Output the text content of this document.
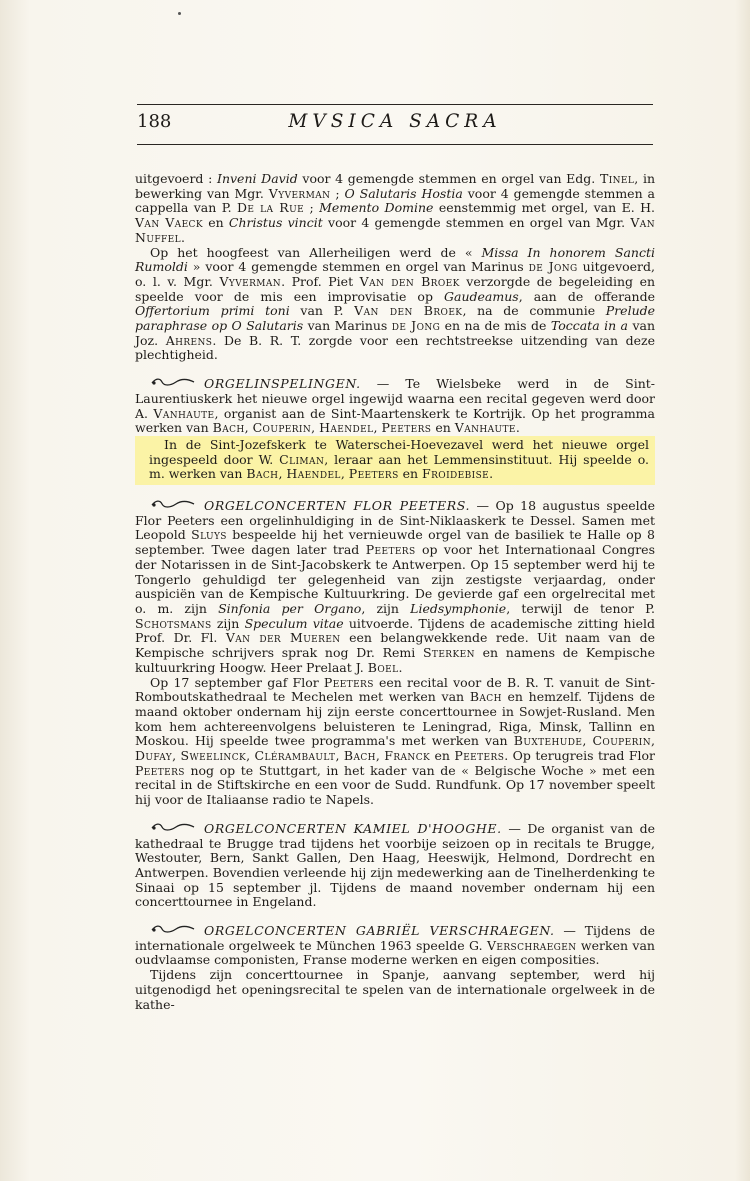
188	MVSICA SACRA

uitgevoerd : Inveni David voor 4 gemengde stemmen en orgel van Edg. Tinel, in bewerking van Mgr. Vyverman ; O Salutaris Hostia voor 4 gemengde stemmen a cappella van P. De la Rue ; Memento Domine eenstemmig met orgel, van E. H. Van Vaeck en Christus vincit voor 4 gemengde stemmen en orgel van Mgr. Van Nuffel.

Op het hoogfeest van Allerheiligen werd de « Missa In honorem Sancti Rumoldi » voor 4 gemengde stemmen en orgel van Marinus de Jong uitgevoerd, o. l. v. Mgr. Vyverman. Prof. Piet Van den Broek verzorgde de begeleiding en speelde voor de mis een improvisatie op Gaudeamus, aan de offerande Offertorium primi toni van P. Van den Broek, na de communie Prelude paraphrase op O Salutaris van Marinus de Jong en na de mis de Toccata in a van Joz. Ahrens. De B. R. T. zorgde voor een rechtstreekse uitzending van deze plechtigheid.

ORGELINSPELINGEN. — Te Wielsbeke werd in de Sint-Laurentiuskerk het nieuwe orgel ingewijd waarna een recital gegeven werd door A. Vanhaute, organist aan de Sint-Maartenskerk te Kortrijk. Op het programma werken van Bach, Couperin, Haendel, Peeters en Vanhaute.

In de Sint-Jozefskerk te Waterschei-Hoevezavel werd het nieuwe orgel ingespeeld door W. Climan, leraar aan het Lemmensinstituut. Hij speelde o. m. werken van Bach, Haendel, Peeters en Froidebise.

ORGELCONCERTEN FLOR PEETERS. — Op 18 augustus speelde Flor Peeters een orgelinhuldiging in de Sint-Niklaaskerk te Dessel. Samen met Leopold Sluys bespeelde hij het vernieuwde orgel van de basiliek te Halle op 8 september. Twee dagen later trad Peeters op voor het Internationaal Congres der Notarissen in de Sint-Jacobskerk te Antwerpen. Op 15 september werd hij te Tongerlo gehuldigd ter gelegenheid van zijn zestigste verjaardag, onder auspiciën van de Kempische Kultuurkring. De gevierde gaf een orgelrecital met o. m. zijn Sinfonia per Organo, zijn Liedsymphonie, terwijl de tenor P. Schotsmans zijn Speculum vitae uitvoerde. Tijdens de academische zitting hield Prof. Dr. Fl. Van der Mueren een belangwekkende rede. Uit naam van de Kempische schrijvers sprak nog Dr. Remi Sterken en namens de Kempische kultuurkring Hoogw. Heer Prelaat J. Boel.

Op 17 september gaf Flor Peeters een recital voor de B. R. T. vanuit de Sint-Romboutskathedraal te Mechelen met werken van Bach en hemzelf. Tijdens de maand oktober ondernam hij zijn eerste concerttournee in Sowjet-Rusland. Men kom hem achtereenvolgens beluisteren te Leningrad, Riga, Minsk, Tallinn en Moskou. Hij speelde twee programma's met werken van Buxtehude, Couperin, Dufay, Sweelinck, Clérambault, Bach, Franck en Peeters. Op terugreis trad Flor Peeters nog op te Stuttgart, in het kader van de « Belgische Woche » met een recital in de Stiftskirche en een voor de Sudd. Rundfunk. Op 17 november speelt hij voor de Italiaanse radio te Napels.

ORGELCONCERTEN KAMIEL D'HOOGHE. — De organist van de kathedraal te Brugge trad tijdens het voorbije seizoen op in recitals te Brugge, Westouter, Bern, Sankt Gallen, Den Haag, Heeswijk, Helmond, Dordrecht en Antwerpen. Bovendien verleende hij zijn medewerking aan de Tinelherdenking te Sinaai op 15 september jl. Tijdens de maand november ondernam hij een concerttournee in Engeland.

ORGELCONCERTEN GABRIËL VERSCHRAEGEN. — Tijdens de internationale orgelweek te München 1963 speelde G. Verschraegen werken van oudvlaamse componisten, Franse moderne werken en eigen composities.

Tijdens zijn concerttournee in Spanje, aanvang september, werd hij uitgenodigd het openingsrecital te spelen van de internationale orgelweek in de kathe-
